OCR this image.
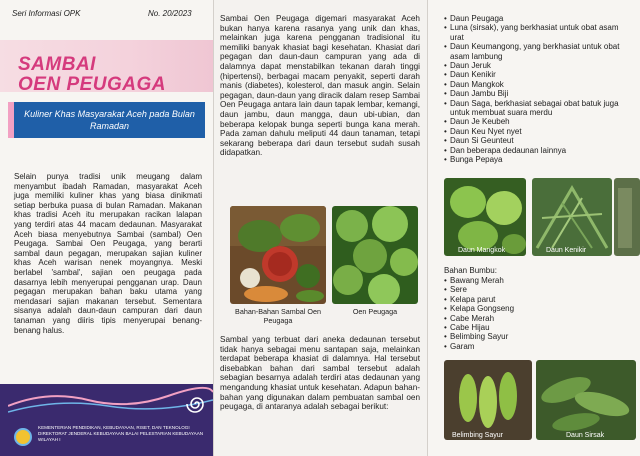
Seri Informasi OPK	No. 20/2023
SAMBAI
OEN PEUGAGA
Kuliner Khas Masyarakat Aceh pada Bulan Ramadan
Selain punya tradisi unik meugang dalam menyambut ibadah Ramadan, masyarakat Aceh juga memiliki kuliner khas yang biasa dinikmati setiap berbuka puasa di bulan Ramadan. Makanan khas tradisi Aceh itu merupakan racikan lalapan yang terdiri atas 44 macam dedaunan. Masyarakat Aceh biasa menyebutnya Sambai (sambal) Oen Peugaga. Sambai Oen Peugaga, yang berarti sambal daun pegagan, merupakan sajian kuliner khas Aceh warisan nenek moyangnya. Meski berlabel 'sambal', sajian oen peugaga pada dasarnya lebih menyerupai pengganan urap. Daun pegagan merupakan bahan baku utama yang mendasari sajian makanan tersebut. Sementara sisanya adalah daun-daun campuran dari daun tanaman yang diiris tipis menyerupai benang-benang halus.
KEMENTERIAN PENDIDIKAN, KEBUDAYAAN, RISET, DAN TEKNOLOGI DIREKTORAT JENDERAL KEBUDAYAAN BALAI PELESTARIAN KEBUDAYAAN WILAYAH I
Sambai Oen Peugaga digemari masyarakat Aceh bukan hanya karena rasanya yang unik dan khas, melainkan juga karena pengganan tradisional itu memiliki banyak khasiat bagi kesehatan. Khasiat dari pegagan dan daun-daun campuran yang ada di dalamnya dapat menstabilkan tekanan darah tinggi (hipertensi), berbagai macam penyakit, seperti darah manis (diabetes), kolesterol, dan masuk angin. Selain pegagan, daun-daun yang diracik dalam resep Sambai Oen Peugaga antara lain daun tapak lembar, kemangi, daun jambu, daun mangga, daun ubi-ubian, dan beberapa kelopak bunga seperti bunga kana merah. Pada zaman dahulu meliputi 44 daun tanaman, tetapi sekarang beberapa dari daun tersebut sudah susah didapatkan.
Bahan-Bahan Sambal Oen Peugaga
Oen Peugaga
Sambal yang terbuat dari aneka dedaunan tersebut tidak hanya sebagai menu santapan saja, melainkan terdapat beberapa khasiat di dalamnya. Hal tersebut disebabkan bahan dari sambal tersebut adalah sebagian besarnya adalah terdiri atas dedaunan yang mengandung khasiat untuk kesehatan. Adapun bahan-bahan yang digunakan dalam pembuatan sambal oen peugaga, di antaranya adalah sebagai berikut:
• Daun Peugaga
• Luna (sirsak), yang berkhasiat untuk obat asam urat
• Daun Keumangong, yang berkhasiat untuk obat asam lambung
• Daun Jeruk
• Daun Kenikir
• Daun Mangkok
• Daun Jambu Biji
• Daun Saga, berkhasiat sebagai obat batuk juga untuk membuat suara merdu
• Daun Je Keubeh
• Daun Keu Nyet nyet
• Daun Si Geunteut
• Dan beberapa dedaunan lainnya
• Bunga Pepaya
Daun Mangkok	Daun Kenikir
Bahan Bumbu:
• Bawang Merah
• Sere
• Kelapa parut
• Kelapa Gongseng
• Cabe Merah
• Cabe Hijau
• Belimbing Sayur
• Garam
Belimbing Sayur	Daun Sirsak
